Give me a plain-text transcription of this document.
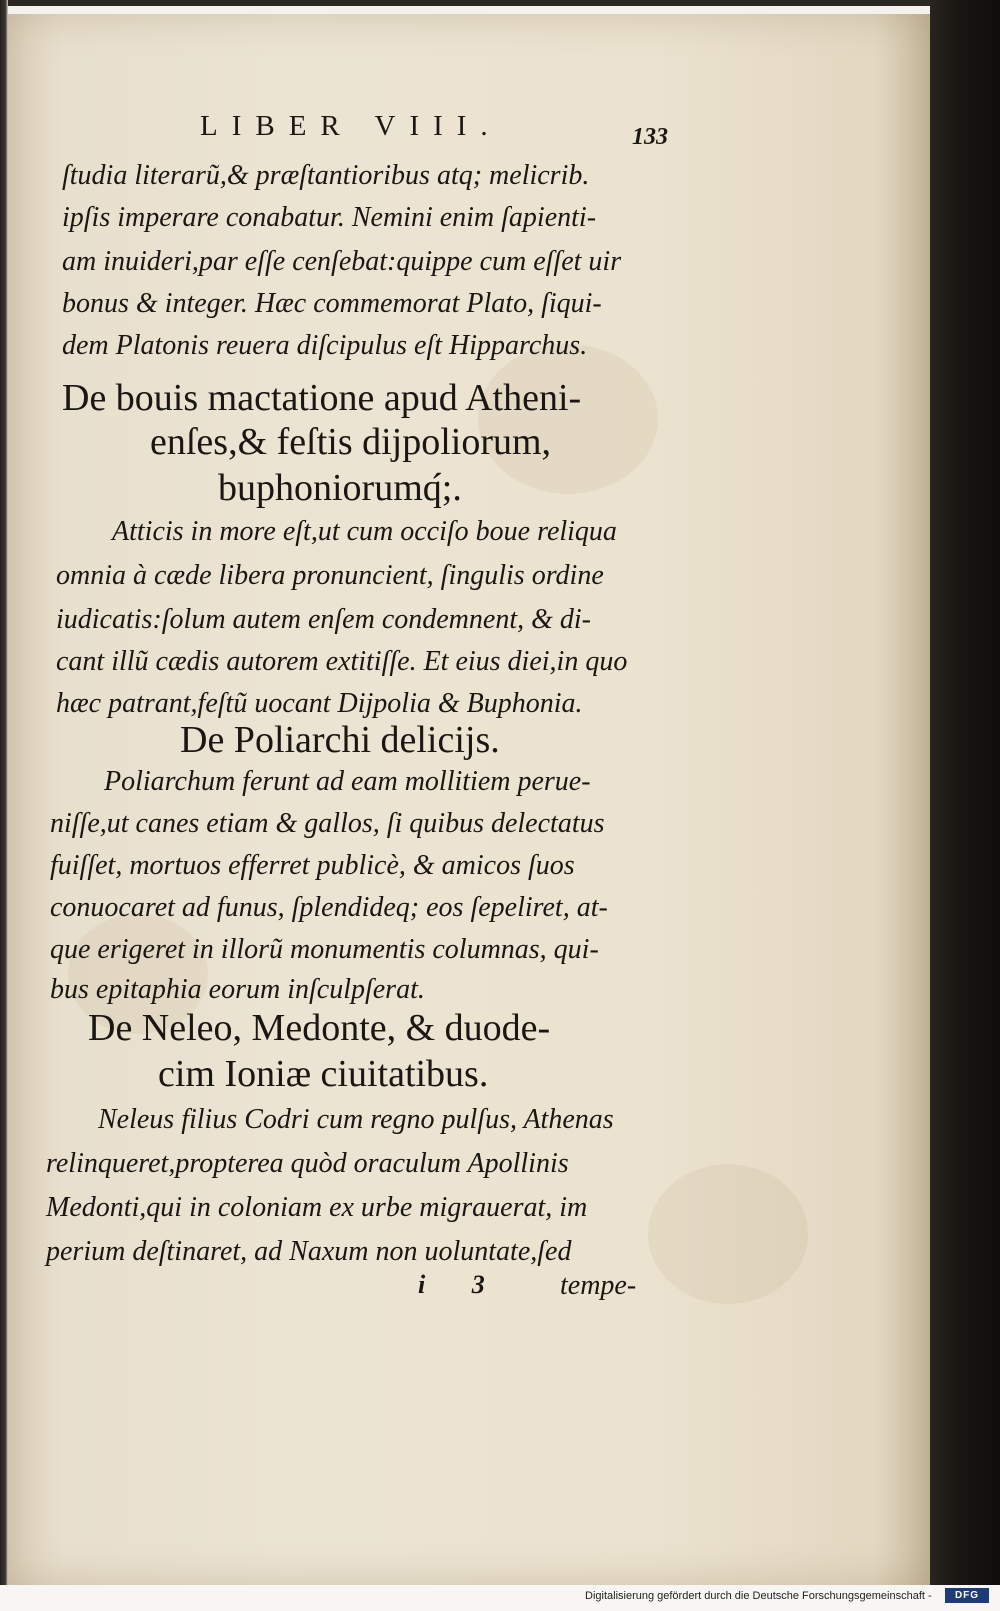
LIBER VIII.	133
ſtudia literarũ,& præſtantioribus atq; melicrib.
ipſis imperare conabatur. Nemini enim ſapienti-
am inuideri,par eſſe cenſebat:quippe cum eſſet uir
bonus & integer. Hæc commemorat Plato, ſiqui-
dem Platonis reuera diſcipulus eſt Hipparchus.
De bouis mactatione apud Atheni-
enſes,& feſtis dijpoliorum,
buphoniorumq́;.
Atticis in more eſt,ut cum occiſo boue reliqua
omnia à cæde libera pronuncient, ſingulis ordine
iudicatis:ſolum autem enſem condemnent, & di-
cant illũ cædis autorem extitiſſe. Et eius diei,in quo
hæc patrant,feſtũ uocant Dijpolia & Buphonia.
De Poliarchi delicijs.
Poliarchum ferunt ad eam mollitiem perue-
niſſe,ut canes etiam & gallos, ſi quibus delectatus
fuiſſet, mortuos efferret publicè, & amicos ſuos
conuocaret ad funus, ſplendideq; eos ſepeliret, at-
que erigeret in illorũ monumentis columnas, qui-
bus epitaphia eorum inſculpſerat.
De Neleo, Medonte, & duode-
cim Ioniæ ciuitatibus.
Neleus filius Codri cum regno pulſus, Athenas
relinqueret,propterea quòd oraculum Apollinis
Medonti,qui in coloniam ex urbe migrauerat, im
perium deſtinaret, ad Naxum non uoluntate,ſed
i 3 tempe-
Digitalisierung gefördert durch die Deutsche Forschungsgemeinschaft -	DFG
